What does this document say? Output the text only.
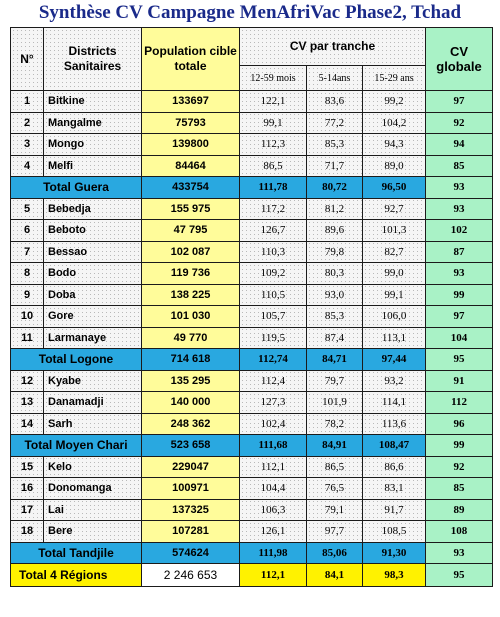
Synthèse CV Campagne MenAfriVac Phase2, Tchad
N°	Districts Sanitaires	Population cible totale	CV par tranche			CV globale
			12-59 mois	5-14ans	15-29 ans	
1	Bitkine	133697	122,1	83,6	99,2	97
2	Mangalme	75793	99,1	77,2	104,2	92
3	Mongo	139800	112,3	85,3	94,3	94
4	Melfi	84464	86,5	71,7	89,0	85
Total Guera		433754	111,78	80,72	96,50	93
5	Bebedja	155 975	117,2	81,2	92,7	93
6	Beboto	47 795	126,7	89,6	101,3	102
7	Bessao	102 087	110,3	79,8	82,7	87
8	Bodo	119 736	109,2	80,3	99,0	93
9	Doba	138 225	110,5	93,0	99,1	99
10	Gore	101 030	105,7	85,3	106,0	97
11	Larmanaye	49 770	119,5	87,4	113,1	104
Total Logone		714 618	112,74	84,71	97,44	95
12	Kyabe	135 295	112,4	79,7	93,2	91
13	Danamadji	140 000	127,3	101,9	114,1	112
14	Sarh	248 362	102,4	78,2	113,6	96
Total Moyen Chari		523 658	111,68	84,91	108,47	99
15	Kelo	229047	112,1	86,5	86,6	92
16	Donomanga	100971	104,4	76,5	83,1	85
17	Lai	137325	106,3	79,1	91,7	89
18	Bere	107281	126,1	97,7	108,5	108
Total Tandjile		574624	111,98	85,06	91,30	93
Total 4 Régions		2 246 653	112,1	84,1	98,3	95
